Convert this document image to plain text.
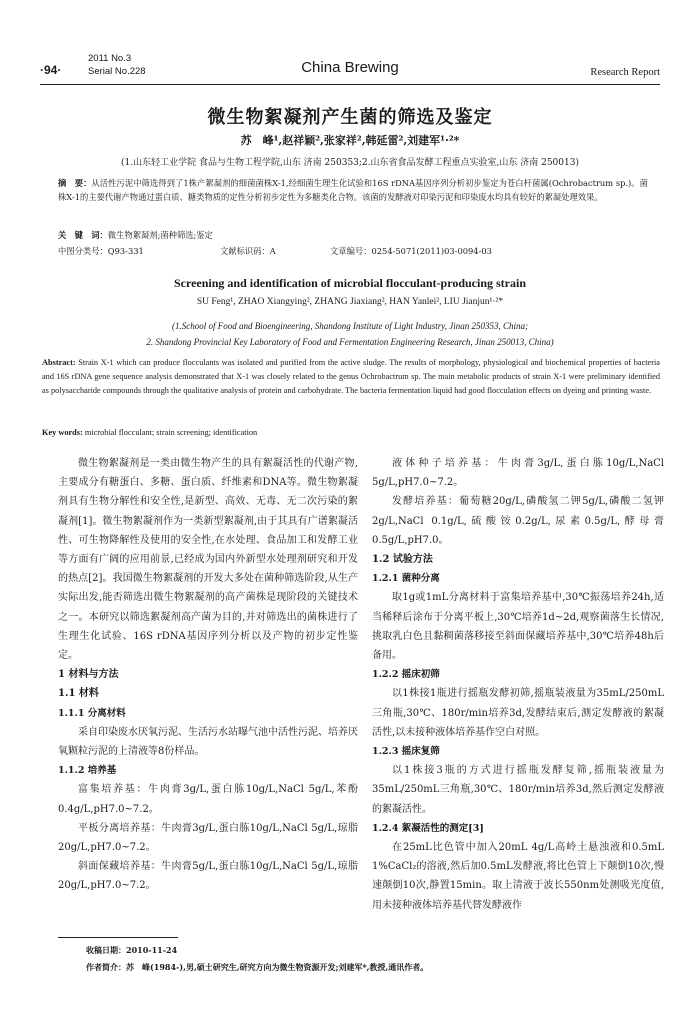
·94·
2011 No.3
Serial No.228	China Brewing	Research Report
微生物絮凝剂产生菌的筛选及鉴定
苏　峰¹,赵祥颖²,张家祥²,韩延雷²,刘建军¹·²*
(1.山东轻工业学院 食品与生物工程学院,山东 济南 250353;2.山东省食品发酵工程重点实验室,山东 济南 250013)
摘　要：从活性污泥中筛选得到了1株产絮凝剂的细菌菌株X-1,经细菌生理生化试验和16S rDNA基因序列分析初步鉴定为苍白杆菌属(Ochrobactrum sp.)。菌株X-1的主要代谢产物通过蛋白质、糖类物质的定性分析初步定性为多糖类化合物。该菌的发酵液对印染污泥和印染废水均具有较好的絮凝处理效果。
关　键　词：微生物絮凝剂;菌种筛选;鉴定
中图分类号：Q93-331	文献标识码：A	文章编号：0254-5071(2011)03-0094-03
Screening and identification of microbial flocculant-producing strain
SU Feng¹, ZHAO Xiangying², ZHANG Jiaxiang², HAN Yanlei², LIU Jianjun¹·²*
(1.School of Food and Bioengineering, Shandong Institute of Light Industry, Jinan 250353, China;
2. Shandong Provincial Key Laboratory of Food and Fermentation Engineering Research, Jinan 250013, China)
Abstract: Strain X-1 which can produce flocculants was isolated and purified from the active sludge. The results of morphology, physiological and biochemical properties of bacteria and 16S rDNA gene sequence analysis demonstrated that X-1 was closely related to the genus Ochrobactrum sp. The main metabolic products of strain X-1 were preliminary identified as polysaccharide compounds through the qualitative analysis of protein and carbohydrate. The bacteria fermentation liquid had good flocculation effects on dyeing and printing waste.
Key words: microbial flocculant; strain screening; identification

微生物絮凝剂是一类由微生物产生的具有絮凝活性的代谢产物,主要成分有糖蛋白、多糖、蛋白质、纤维素和DNA等。微生物絮凝剂具有生物分解性和安全性,是新型、高效、无毒、无二次污染的絮凝剂[1]。微生物絮凝剂作为一类新型絮凝剂,由于其具有广谱絮凝活性、可生物降解性及使用的安全性,在水处理、食品加工和发酵工业等方面有广阔的应用前景,已经成为国内外新型水处理剂研究和开发的热点[2]。我国微生物絮凝剂的开发大多处在菌种筛选阶段,从生产实际出发,能否筛选出微生物絮凝剂的高产菌株是现阶段的关键技术之一。本研究以筛选絮凝剂高产菌为目的,并对筛选出的菌株进行了生理生化试验、16S rDNA基因序列分析以及产物的初步定性鉴定。

1 材料与方法

1.1 材料

1.1.1 分离材料

采自印染废水厌氧污泥、生活污水站曝气池中活性污泥、培养厌氧颗粒污泥的上清液等8份样品。

1.1.2 培养基

富集培养基：牛肉膏3g/L,蛋白胨10g/L,NaCl 5g/L,苯酚0.4g/L,pH7.0~7.2。

平板分离培养基：牛肉膏3g/L,蛋白胨10g/L,NaCl 5g/L,琼脂 20g/L,pH7.0~7.2。

斜面保藏培养基：牛肉膏5g/L,蛋白胨10g/L,NaCl 5g/L,琼脂 20g/L,pH7.0~7.2。

液体种子培养基：牛肉膏3g/L,蛋白胨10g/L,NaCl 5g/L,pH7.0~7.2。

发酵培养基：葡萄糖20g/L,磷酸氢二钾5g/L,磷酸二氢钾2g/L,NaCl 0.1g/L,硫酸铵0.2g/L,尿素0.5g/L,酵母膏0.5g/L,pH7.0。

1.2 试验方法

1.2.1 菌种分离

取1g或1mL分离材料于富集培养基中,30℃振荡培养24h,适当稀释后涂布于分离平板上,30℃培养1d~2d,观察菌落生长情况,挑取乳白色且黏稠菌落移接至斜面保藏培养基中,30℃培养48h后备用。

1.2.2 摇床初筛

以1株接1瓶进行摇瓶发酵初筛,摇瓶装液量为35mL/250mL三角瓶,30℃、180r/min培养3d,发酵结束后,测定发酵液的絮凝活性,以未接种液体培养基作空白对照。

1.2.3 摇床复筛

以1株接3瓶的方式进行摇瓶发酵复筛,摇瓶装液量为35mL/250mL三角瓶,30℃、180r/min培养3d,然后测定发酵液的絮凝活性。

1.2.4 絮凝活性的测定[3]

在25mL比色管中加入20mL 4g/L高岭土悬浊液和0.5mL 1%CaCl₂的溶液,然后加0.5mL发酵液,将比色管上下颠倒10次,慢速颠倒10次,静置15min。取上清液于波长550nm处测吸光度值,用未接种液体培养基代替发酵液作

收稿日期：2010-11-24
作者简介：苏　峰(1984-),男,硕士研究生,研究方向为微生物资源开发;刘建军*,教授,通讯作者。
